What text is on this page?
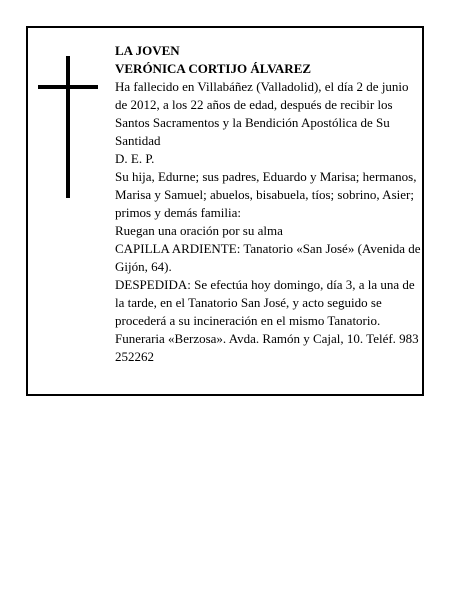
LA JOVEN

VERÓNICA CORTIJO ÁLVAREZ

Ha fallecido en Villabáñez (Valladolid), el día 2 de junio de 2012, a los 22 años de edad, después de recibir los Santos Sacramentos y la Bendición Apostólica de Su Santidad

D. E. P.

Su hija, Edurne; sus padres, Eduardo y Marisa; hermanos, Marisa y Samuel; abuelos, bisabuela, tíos; sobrino, Asier; primos y demás familia:

Ruegan una oración por su alma

CAPILLA ARDIENTE: Tanatorio «San José» (Avenida de Gijón, 64).

DESPEDIDA: Se efectúa hoy domingo, día 3, a la una de la tarde, en el Tanatorio San José, y acto seguido se procederá a su incineración en el mismo Tanatorio.

Funeraria «Berzosa». Avda. Ramón y Cajal, 10. Teléf. 983 252262
